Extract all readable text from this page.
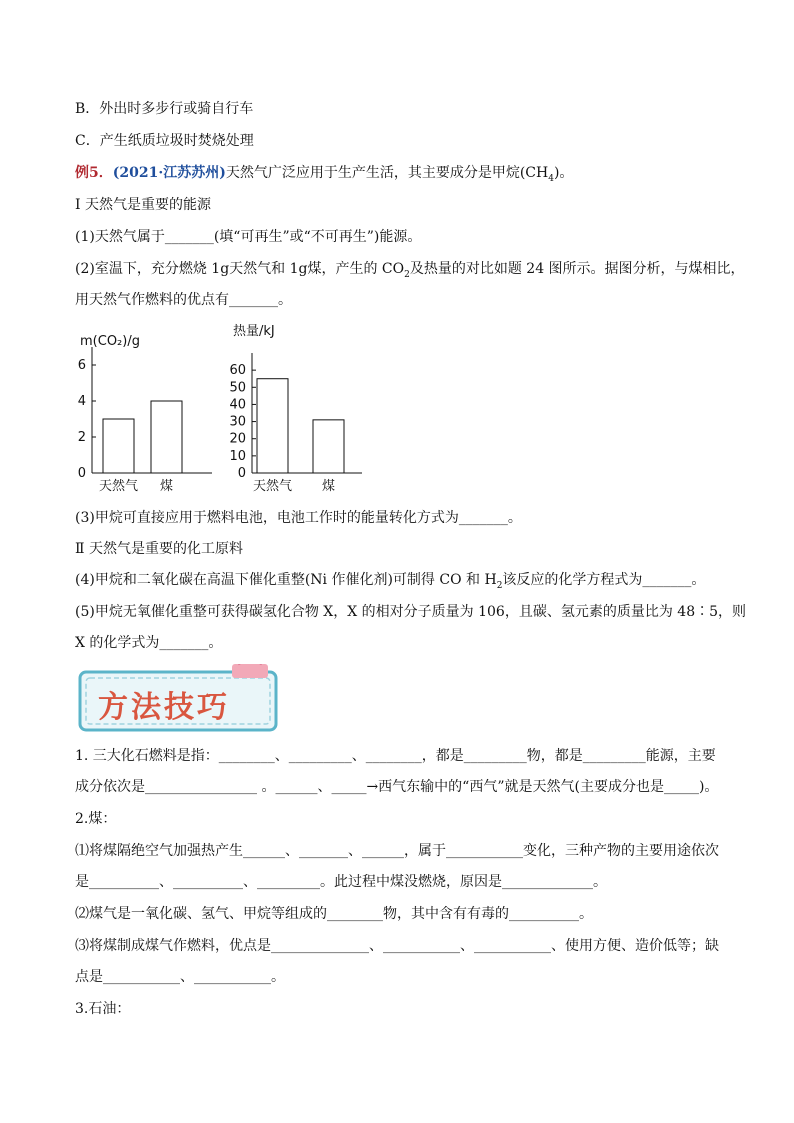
B．外出时多步行或骑自行车
C．产生纸质垃圾时焚烧处理
例5．(2021·江苏苏州)天然气广泛应用于生产生活，其主要成分是甲烷$(CH_4)$。
Ⅰ 天然气是重要的能源
(1)天然气属于_______(填“可再生”或“不可再生”)能源。
(2)室温下，充分燃烧 1g天然气和 1g煤，产生的 $CO_2$及热量的对比如题 24 图所示。据图分析，与煤相比，
用天然气作燃料的优点有_______。
m(CO₂)/g
0
2
4
6
天然气 煤
热量/kJ
0
10
20
30
40
50
60
天然气 煤
(3)甲烷可直接应用于燃料电池，电池工作时的能量转化方式为_______。
Ⅱ 天然气是重要的化工原料
(4)甲烷和二氧化碳在高温下催化重整(Ni 作催化剂)可制得 CO 和 $H_2$该反应的化学方程式为_______。
(5)甲烷无氧催化重整可获得碳氢化合物 X，X 的相对分子质量为 106，且碳、氢元素的质量比为 48∶5，则
X 的化学式为_______。
方法技巧
1. 三大化石燃料是指：________、_________、________，都是_________物，都是_________能源，主要
成分依次是________________ 。______、_____→西气东输中的“西气”就是天然气(主要成分也是_____)。
2.煤：
⑴将煤隔绝空气加强热产生______、_______、______，属于___________变化，三种产物的主要用途依次
是__________、__________、_________。此过程中煤没燃烧，原因是_____________。
⑵煤气是一氧化碳、氢气、甲烷等组成的________物，其中含有有毒的__________。
⑶将煤制成煤气作燃料，优点是______________、___________、___________、使用方便、造价低等；缺
点是___________、___________。
3.石油：
